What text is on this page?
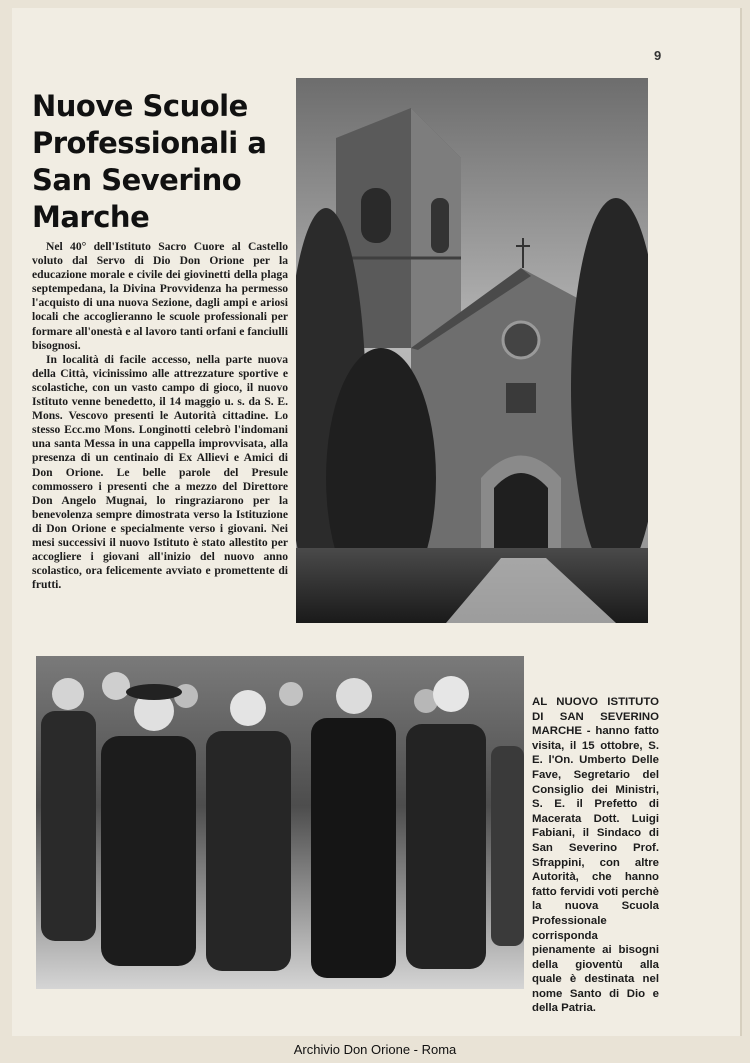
9
Nuove Scuole Professionali a San Severino Marche

Nel 40° dell'Istituto Sacro Cuore al Castello voluto dal Servo di Dio Don Orione per la educazione morale e civile dei giovinetti della plaga septempedana, la Divina Provvidenza ha permesso l'acquisto di una nuova Sezione, dagli ampi e ariosi locali che accoglieranno le scuole professionali per formare all'onestà e al lavoro tanti orfani e fanciulli bisognosi.

In località di facile accesso, nella parte nuova della Città, vicinissimo alle attrezzature sportive e scolastiche, con un vasto campo di gioco, il nuovo Istituto venne benedetto, il 14 maggio u. s. da S. E. Mons. Vescovo presenti le Autorità cittadine. Lo stesso Ecc.mo Mons. Longinotti celebrò l'indomani una santa Messa in una cappella improvvisata, alla presenza di un centinaio di Ex Allievi e Amici di Don Orione. Le belle parole del Presule commossero i presenti che a mezzo del Direttore Don Angelo Mugnai, lo ringraziarono per la benevolenza sempre dimostrata verso la Istituzione di Don Orione e specialmente verso i giovani. Nei mesi successivi il nuovo Istituto è stato allestito per accogliere i giovani all'inizio del nuovo anno scolastico, ora felicemente avviato e promettente di frutti.

AL NUOVO ISTITUTO DI SAN SEVERINO MARCHE - hanno fatto visita, il 15 ottobre, S. E. l'On. Umberto Delle Fave, Segretario del Consiglio dei Ministri, S. E. il Prefetto di Macerata Dott. Luigi Fabiani, il Sindaco di San Severino Prof. Sfrappini, con altre Autorità, che hanno fatto fervidi voti perchè la nuova Scuola Professionale corrisponda pienamente ai bisogni della gioventù alla quale è destinata nel nome Santo di Dio e della Patria.
Archivio Don Orione - Roma
